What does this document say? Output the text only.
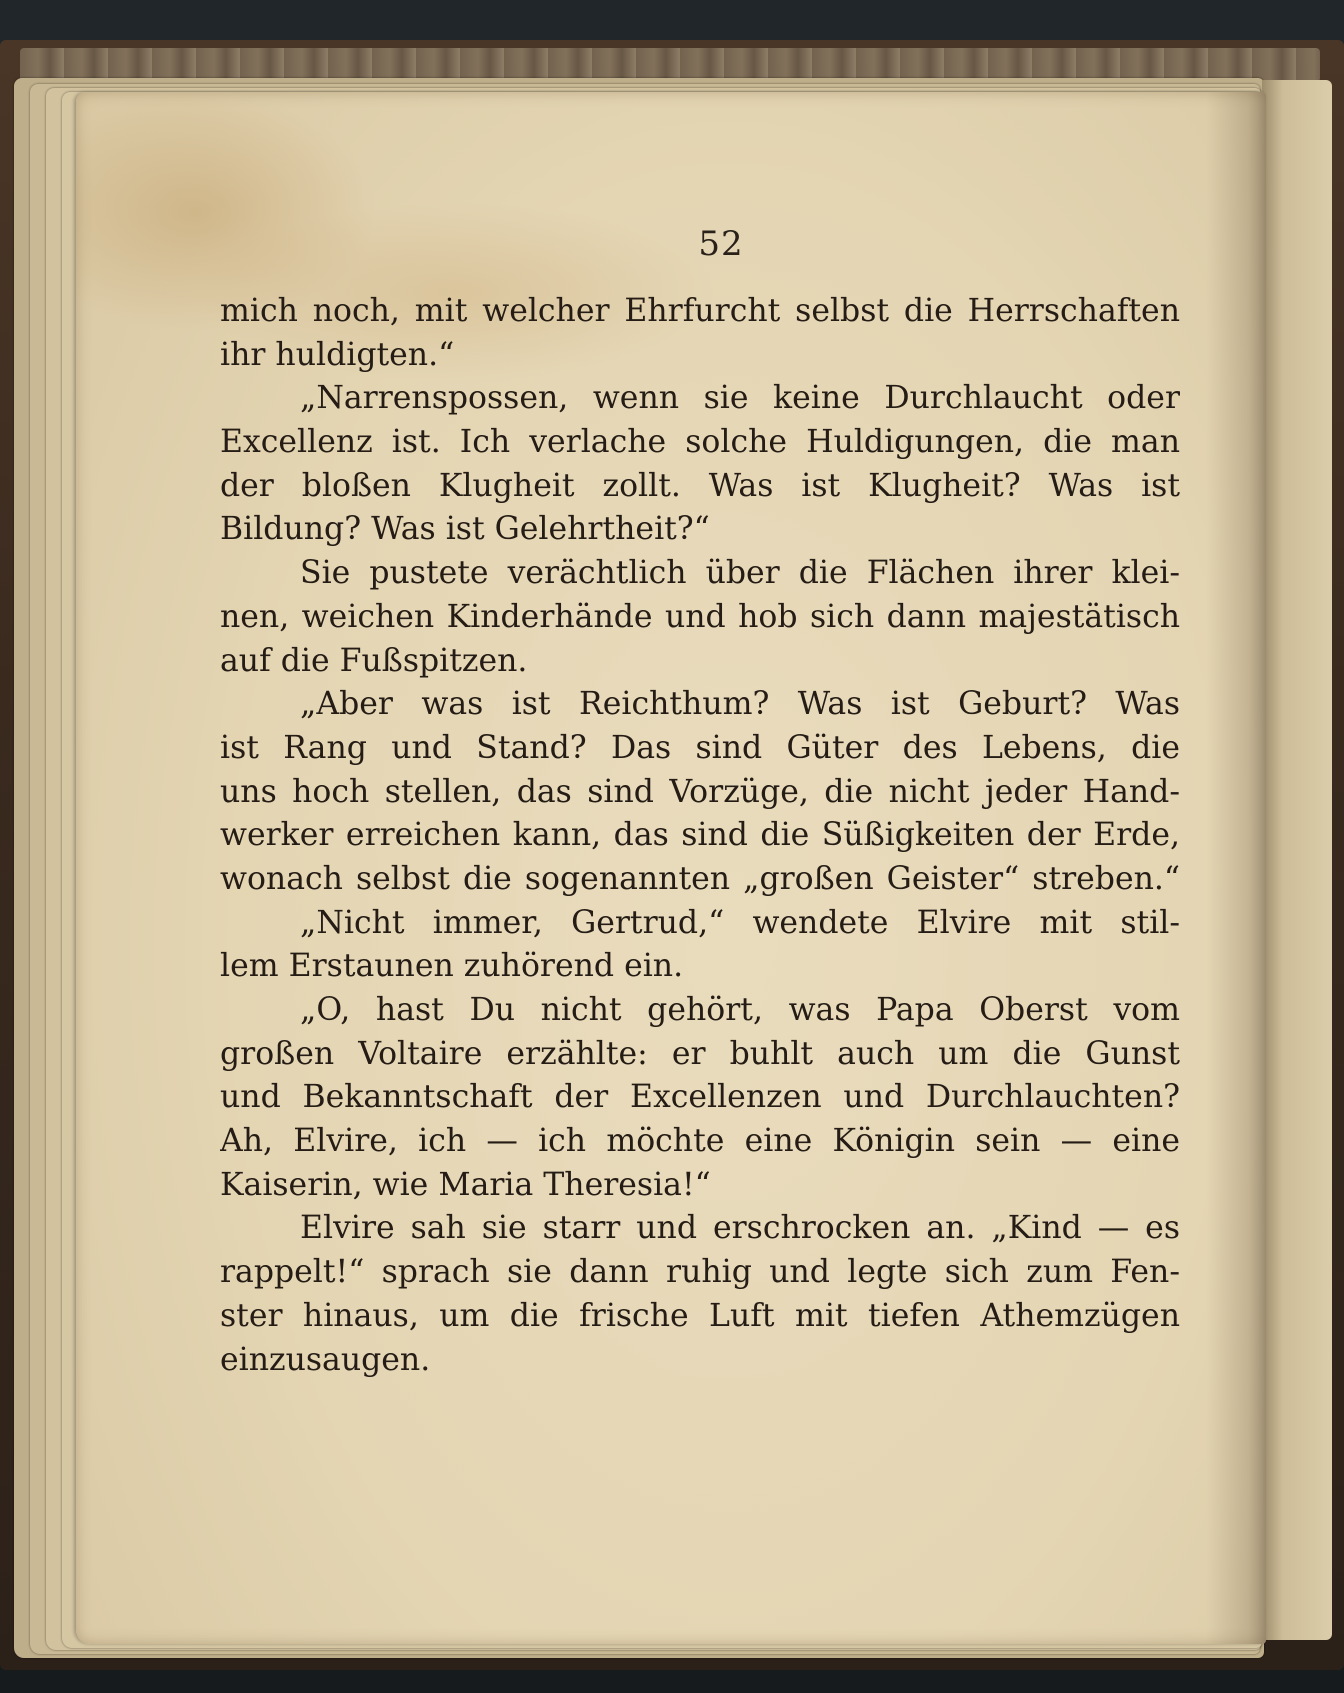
52
mich noch, mit welcher Ehrfurcht selbst die Herrschaften
ihr huldigten.“
„Narrenspossen, wenn sie keine Durchlaucht oder
Excellenz ist. Ich verlache solche Huldigungen, die man
der bloßen Klugheit zollt. Was ist Klugheit? Was ist
Bildung? Was ist Gelehrtheit?“
Sie pustete verächtlich über die Flächen ihrer klei-
nen, weichen Kinderhände und hob sich dann majestätisch
auf die Fußspitzen.
„Aber was ist Reichthum? Was ist Geburt? Was
ist Rang und Stand? Das sind Güter des Lebens, die
uns hoch stellen, das sind Vorzüge, die nicht jeder Hand-
werker erreichen kann, das sind die Süßigkeiten der Erde,
wonach selbst die sogenannten „großen Geister“ streben.“
„Nicht immer, Gertrud,“ wendete Elvire mit stil-
lem Erstaunen zuhörend ein.
„O, hast Du nicht gehört, was Papa Oberst vom
großen Voltaire erzählte: er buhlt auch um die Gunst
und Bekanntschaft der Excellenzen und Durchlauchten?
Ah, Elvire, ich — ich möchte eine Königin sein — eine
Kaiserin, wie Maria Theresia!“
Elvire sah sie starr und erschrocken an. „Kind — es
rappelt!“ sprach sie dann ruhig und legte sich zum Fen-
ster hinaus, um die frische Luft mit tiefen Athemzügen
einzusaugen.
